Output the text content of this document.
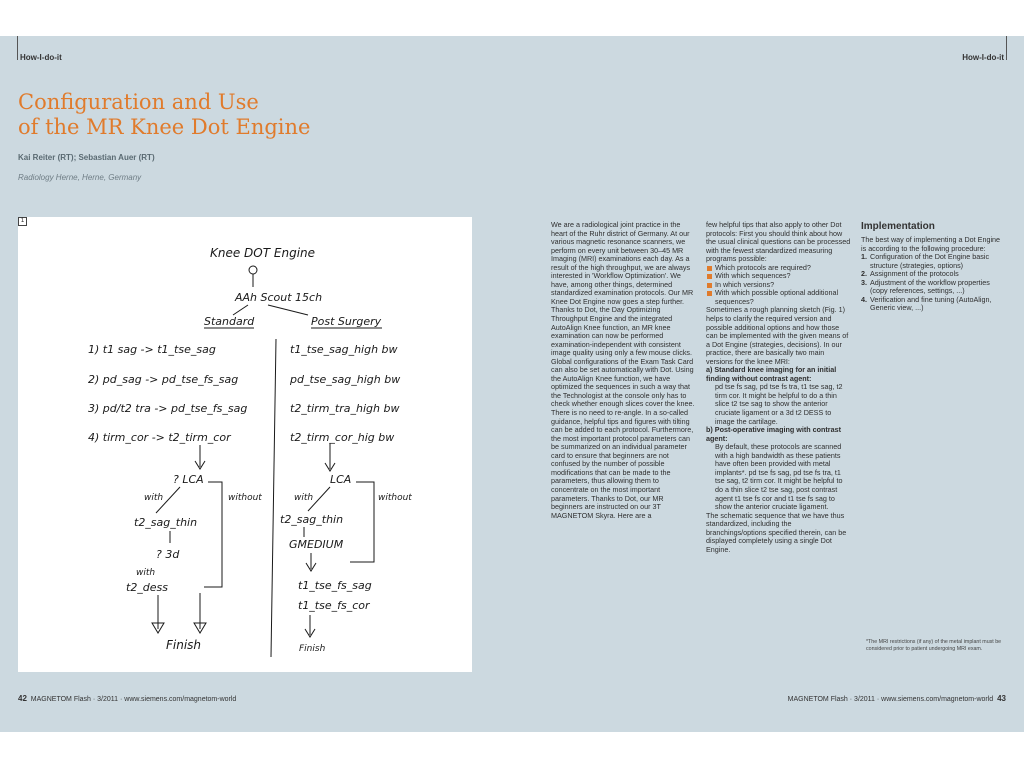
How-I-do-it	How-I-do-it
Configuration and Use
of the MR Knee Dot Engine
Kai Reiter (RT); Sebastian Auer (RT)
Radiology Herne, Herne, Germany
Knee DOT Engine
AAh Scout 15ch
Standard	Post Surgery
1) t1 sag -> t1_tse_sag
2) pd_sag -> pd_tse_fs_sag
3) pd/t2 tra -> pd_tse_fs_sag
4) tirm_cor -> t2_tirm_cor
t1_tse_sag_high bw
pd_tse_sag_high bw
t2_tirm_tra_high bw
t2_tirm_cor_hig bw
? LCA
with	without
t2_sag_thin
? 3d
with
t2_dess
Finish
LCA
with	without
t2_sag_thin
GMEDIUM
t1_tse_fs_sag
t1_tse_fs_cor
Finish
1	We are a radiological joint practice in the heart of the Ruhr district of Germany. At our various magnetic resonance scanners, we perform on every unit between 30–45 MR Imaging (MRI) examinations each day. As a result of the high throughput, we are always interested in 'Workflow Optimization'. We have, among other things, determined standardized examination protocols. Our MR Knee Dot Engine now goes a step further. Thanks to Dot, the Day Optimizing Throughput Engine and the integrated AutoAlign Knee function, an MR knee examination can now be performed examination-independent with consistent image quality using only a few mouse clicks. Global configurations of the Exam Task Card can also be set automatically with Dot. Using the AutoAlign Knee function, we have optimized the sequences in such a way that the Technologist at the console only has to check whether enough slices cover the knee. There is no need to re-angle. In a so-called guidance, helpful tips and figures with tilting can be added to each protocol. Furthermore, the most important protocol parameters can be summarized on an individual parameter card to ensure that beginners are not confused by the number of possible modifications that can be made to the parameters, thus allowing them to concentrate on the most important parameters. Thanks to Dot, our MR beginners are instructed on our 3T MAGNETOM Skyra. Here are a

few helpful tips that also apply to other Dot protocols: First you should think about how the usual clinical questions can be processed with the fewest standardized measuring programs possible:

Which protocols are required?
With which sequences?
In which versions?
With which possible optional additional sequences?

Sometimes a rough planning sketch (Fig. 1) helps to clarify the required version and possible additional options and how those can be implemented with the given means of a Dot Engine (strategies, decisions). In our practice, there are basically two main versions for the knee MRI:

a) Standard knee imaging for an initial finding without contrast agent:

pd tse fs sag, pd tse fs tra, t1 tse sag, t2 tirm cor. It might be helpful to do a thin slice t2 tse sag to show the anterior cruciate ligament or a 3d t2 DESS to image the cartilage.

b) Post-operative imaging with contrast agent:

By default, these protocols are scanned with a high bandwidth as these patients have often been provided with metal implants*. pd tse fs sag, pd tse fs tra, t1 tse sag, t2 tirm cor. It might be helpful to do a thin slice t2 tse sag, post contrast agent t1 tse fs cor and t1 tse fs sag to show the anterior cruciate ligament.

The schematic sequence that we have thus standardized, including the branchings/options specified therein, can be displayed completely using a single Dot Engine.

Implementation

The best way of implementing a Dot Engine is according to the following procedure:

1. Configuration of the Dot Engine basic structure (strategies, options)
2. Assignment of the protocols
3. Adjustment of the workflow properties (copy references, settings, ...)
4. Verification and fine tuning (AutoAlign, Generic view, ...)
*The MRI restrictions (if any) of the metal implant must be considered prior to patient undergoing MRI exam.
42 MAGNETOM Flash · 3/2011 · www.siemens.com/magnetom-world	MAGNETOM Flash · 3/2011 · www.siemens.com/magnetom-world 43
